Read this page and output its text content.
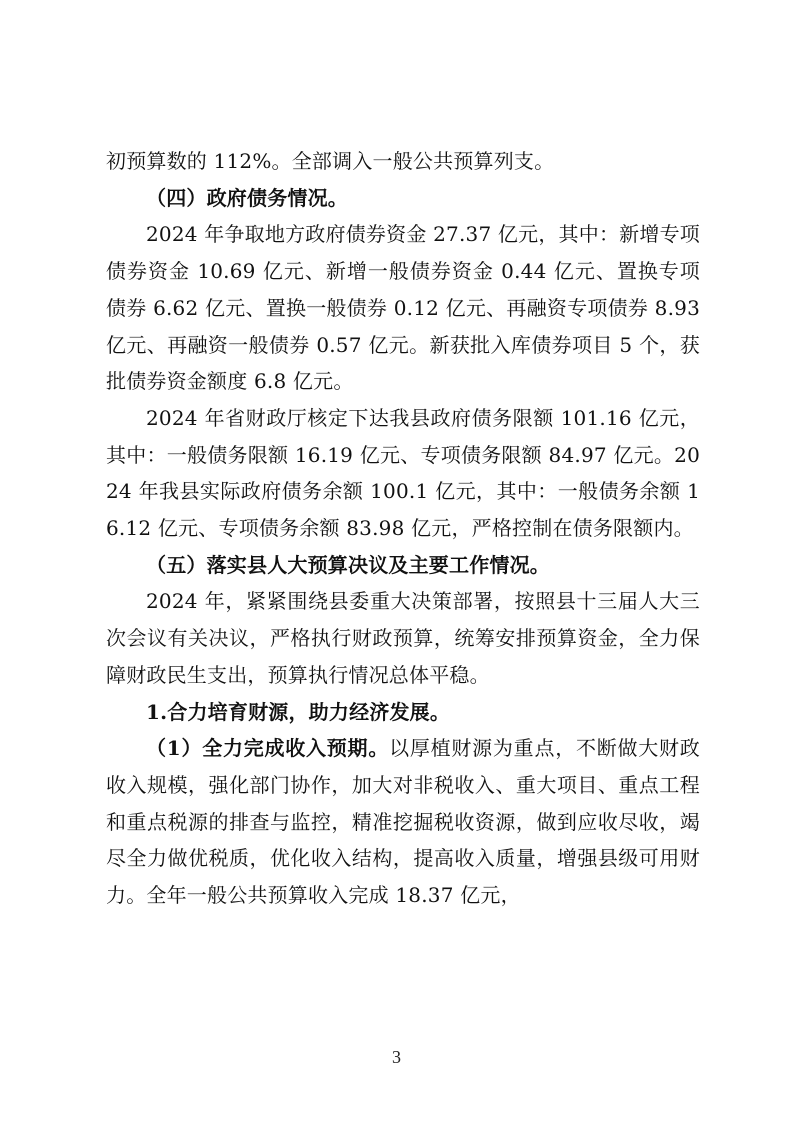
初预算数的 112%。全部调入一般公共预算列支。

（四）政府债务情况。

2024 年争取地方政府债券资金 27.37 亿元，其中：新增专项债券资金 10.69 亿元、新增一般债券资金 0.44 亿元、置换专项债券 6.62 亿元、置换一般债券 0.12 亿元、再融资专项债券 8.93 亿元、再融资一般债券 0.57 亿元。新获批入库债券项目 5 个，获批债券资金额度 6.8 亿元。

2024 年省财政厅核定下达我县政府债务限额 101.16 亿元，其中：一般债务限额 16.19 亿元、专项债务限额 84.97 亿元。2024 年我县实际政府债务余额 100.1 亿元，其中：一般债务余额 16.12 亿元、专项债务余额 83.98 亿元，严格控制在债务限额内。

（五）落实县人大预算决议及主要工作情况。

2024 年，紧紧围绕县委重大决策部署，按照县十三届人大三次会议有关决议，严格执行财政预算，统筹安排预算资金，全力保障财政民生支出，预算执行情况总体平稳。

1.合力培育财源，助力经济发展。

（1）全力完成收入预期。以厚植财源为重点，不断做大财政收入规模，强化部门协作，加大对非税收入、重大项目、重点工程和重点税源的排查与监控，精准挖掘税收资源，做到应收尽收，竭尽全力做优税质，优化收入结构，提高收入质量，增强县级可用财力。全年一般公共预算收入完成 18.37 亿元，

3
